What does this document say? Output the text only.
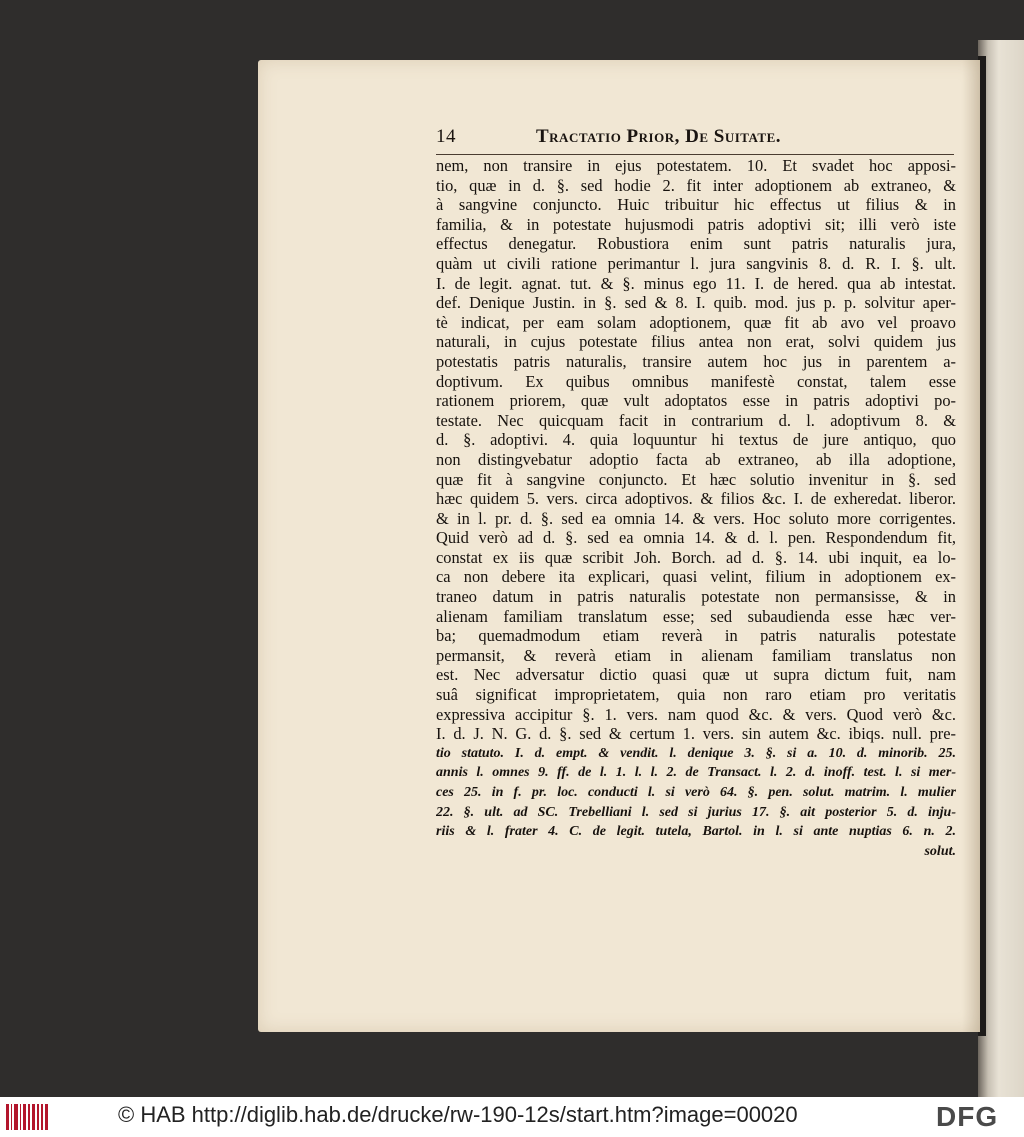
14	Tractatio Prior, De Suitate.
nem, non transire in ejus potestatem. 10. Et svadet hoc apposi-
tio, quæ in d. §. sed hodie 2. fit inter adoptionem ab extraneo, &
à sangvine conjuncto. Huic tribuitur hic effectus ut filius & in
familia, & in potestate hujusmodi patris adoptivi sit; illi verò iste
effectus denegatur. Robustiora enim sunt patris naturalis jura,
quàm ut civili ratione perimantur l. jura sangvinis 8. d. R. I. §. ult.
I. de legit. agnat. tut. & §. minus ego 11. I. de hered. qua ab intestat.
def. Denique Justin. in §. sed & 8. I. quib. mod. jus p. p. solvitur aper-
tè indicat, per eam solam adoptionem, quæ fit ab avo vel proavo
naturali, in cujus potestate filius antea non erat, solvi quidem jus
potestatis patris naturalis, transire autem hoc jus in parentem a-
doptivum. Ex quibus omnibus manifestè constat, talem esse
rationem priorem, quæ vult adoptatos esse in patris adoptivi po-
testate. Nec quicquam facit in contrarium d. l. adoptivum 8. &
d. §. adoptivi. 4. quia loquuntur hi textus de jure antiquo, quo
non distingvebatur adoptio facta ab extraneo, ab illa adoptione,
quæ fit à sangvine conjuncto. Et hæc solutio invenitur in §. sed
hæc quidem 5. vers. circa adoptivos. & filios &c. I. de exheredat. liberor.
& in l. pr. d. §. sed ea omnia 14. & vers. Hoc soluto more corrigentes.
Quid verò ad d. §. sed ea omnia 14. & d. l. pen. Respondendum fit,
constat ex iis quæ scribit Joh. Borch. ad d. §. 14. ubi inquit, ea lo-
ca non debere ita explicari, quasi velint, filium in adoptionem ex-
traneo datum in patris naturalis potestate non permansisse, & in
alienam familiam translatum esse; sed subaudienda esse hæc ver-
ba; quemadmodum etiam reverà in patris naturalis potestate
permansit, & reverà etiam in alienam familiam translatus non
est. Nec adversatur dictio quasi quæ ut supra dictum fuit, nam
suâ significat improprietatem, quia non raro etiam pro veritatis
expressiva accipitur §. 1. vers. nam quod &c. & vers. Quod verò &c.
I. d. J. N. G. d. §. sed & certum 1. vers. sin autem &c. ibiqs. null. pre-
tio statuto. I. d. empt. & vendit. l. denique 3. §. si a. 10. d. minorib. 25.
annis l. omnes 9. ff. de l. 1. l. l. 2. de Transact. l. 2. d. inoff. test. l. si mer-
ces 25. in f. pr. loc. conducti l. si verò 64. §. pen. solut. matrim. l. mulier
22. §. ult. ad SC. Trebelliani l. sed si jurius 17. §. ait posterior 5. d. inju-
riis & l. frater 4. C. de legit. tutela, Bartol. in l. si ante nuptias 6. n. 2.
solut.
© HAB http://diglib.hab.de/drucke/rw-190-12s/start.htm?image=00020	DFG
